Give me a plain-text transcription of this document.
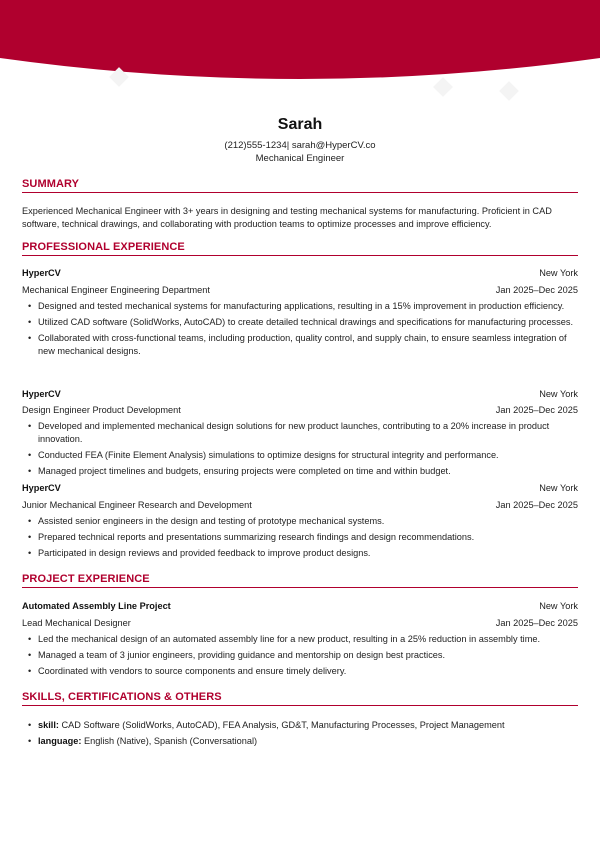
Sarah
(212)555-1234| sarah@HyperCV.co
Mechanical Engineer
SUMMARY
Experienced Mechanical Engineer with 3+ years in designing and testing mechanical systems for manufacturing. Proficient in CAD software, technical drawings, and collaborating with production teams to optimize processes and improve efficiency.
PROFESSIONAL EXPERIENCE
HyperCV	New York
Mechanical Engineer Engineering Department	Jan 2025–Dec 2025
• Designed and tested mechanical systems for manufacturing applications, resulting in a 15% improvement in production efficiency.
• Utilized CAD software (SolidWorks, AutoCAD) to create detailed technical drawings and specifications for manufacturing processes.
• Collaborated with cross-functional teams, including production, quality control, and supply chain, to ensure seamless integration of new mechanical designs.
HyperCV	New York
Design Engineer Product Development	Jan 2025–Dec 2025
• Developed and implemented mechanical design solutions for new product launches, contributing to a 20% increase in product innovation.
• Conducted FEA (Finite Element Analysis) simulations to optimize designs for structural integrity and performance.
• Managed project timelines and budgets, ensuring projects were completed on time and within budget.
HyperCV	New York
Junior Mechanical Engineer Research and Development	Jan 2025–Dec 2025
• Assisted senior engineers in the design and testing of prototype mechanical systems.
• Prepared technical reports and presentations summarizing research findings and design recommendations.
• Participated in design reviews and provided feedback to improve product designs.
PROJECT EXPERIENCE
Automated Assembly Line Project	New York
Lead Mechanical Designer	Jan 2025–Dec 2025
• Led the mechanical design of an automated assembly line for a new product, resulting in a 25% reduction in assembly time.
• Managed a team of 3 junior engineers, providing guidance and mentorship on design best practices.
• Coordinated with vendors to source components and ensure timely delivery.
SKILLS, CERTIFICATIONS & OTHERS
• skill: CAD Software (SolidWorks, AutoCAD), FEA Analysis, GD&T, Manufacturing Processes, Project Management
• language: English (Native), Spanish (Conversational)
